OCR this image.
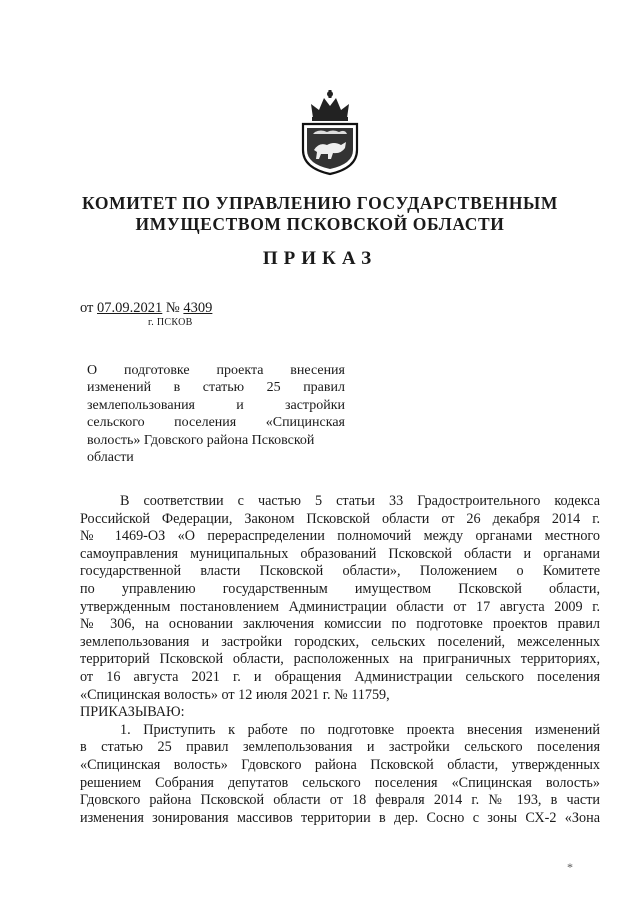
КОМИТЕТ ПО УПРАВЛЕНИЮ ГОСУДАРСТВЕННЫМ
ИМУЩЕСТВОМ ПСКОВСКОЙ ОБЛАСТИ
ПРИКАЗ
от 07.09.2021 № 4309
г. ПСКОВ
О подготовке проекта внесения
изменений в статью 25 правил
землепользования и застройки
сельского поселения «Спицинская
волость» Гдовского района Псковской
области
В соответствии с частью 5 статьи 33 Градостроительного кодекса
Российской Федерации, Законом Псковской области от 26 декабря 2014 г.
№ 1469-ОЗ «О перераспределении полномочий между органами местного
самоуправления муниципальных образований Псковской области и органами
государственной власти Псковской области», Положением о Комитете
по управлению государственным имуществом Псковской области,
утвержденным постановлением Администрации области от 17 августа 2009 г.
№ 306, на основании заключения комиссии по подготовке проектов правил
землепользования и застройки городских, сельских поселений, межселенных
территорий Псковской области, расположенных на приграничных территориях,
от 16 августа 2021 г. и обращения Администрации сельского поселения
«Спицинская волость» от 12 июля 2021 г. № 11759,
ПРИКАЗЫВАЮ:
1. Приступить к работе по подготовке проекта внесения изменений
в статью 25 правил землепользования и застройки сельского поселения
«Спицинская волость» Гдовского района Псковской области, утвержденных
решением Собрания депутатов сельского поселения «Спицинская волость»
Гдовского района Псковской области от 18 февраля 2014 г. № 193, в части
изменения зонирования массивов территории в дер. Сосно с зоны СХ-2 «Зона
*
